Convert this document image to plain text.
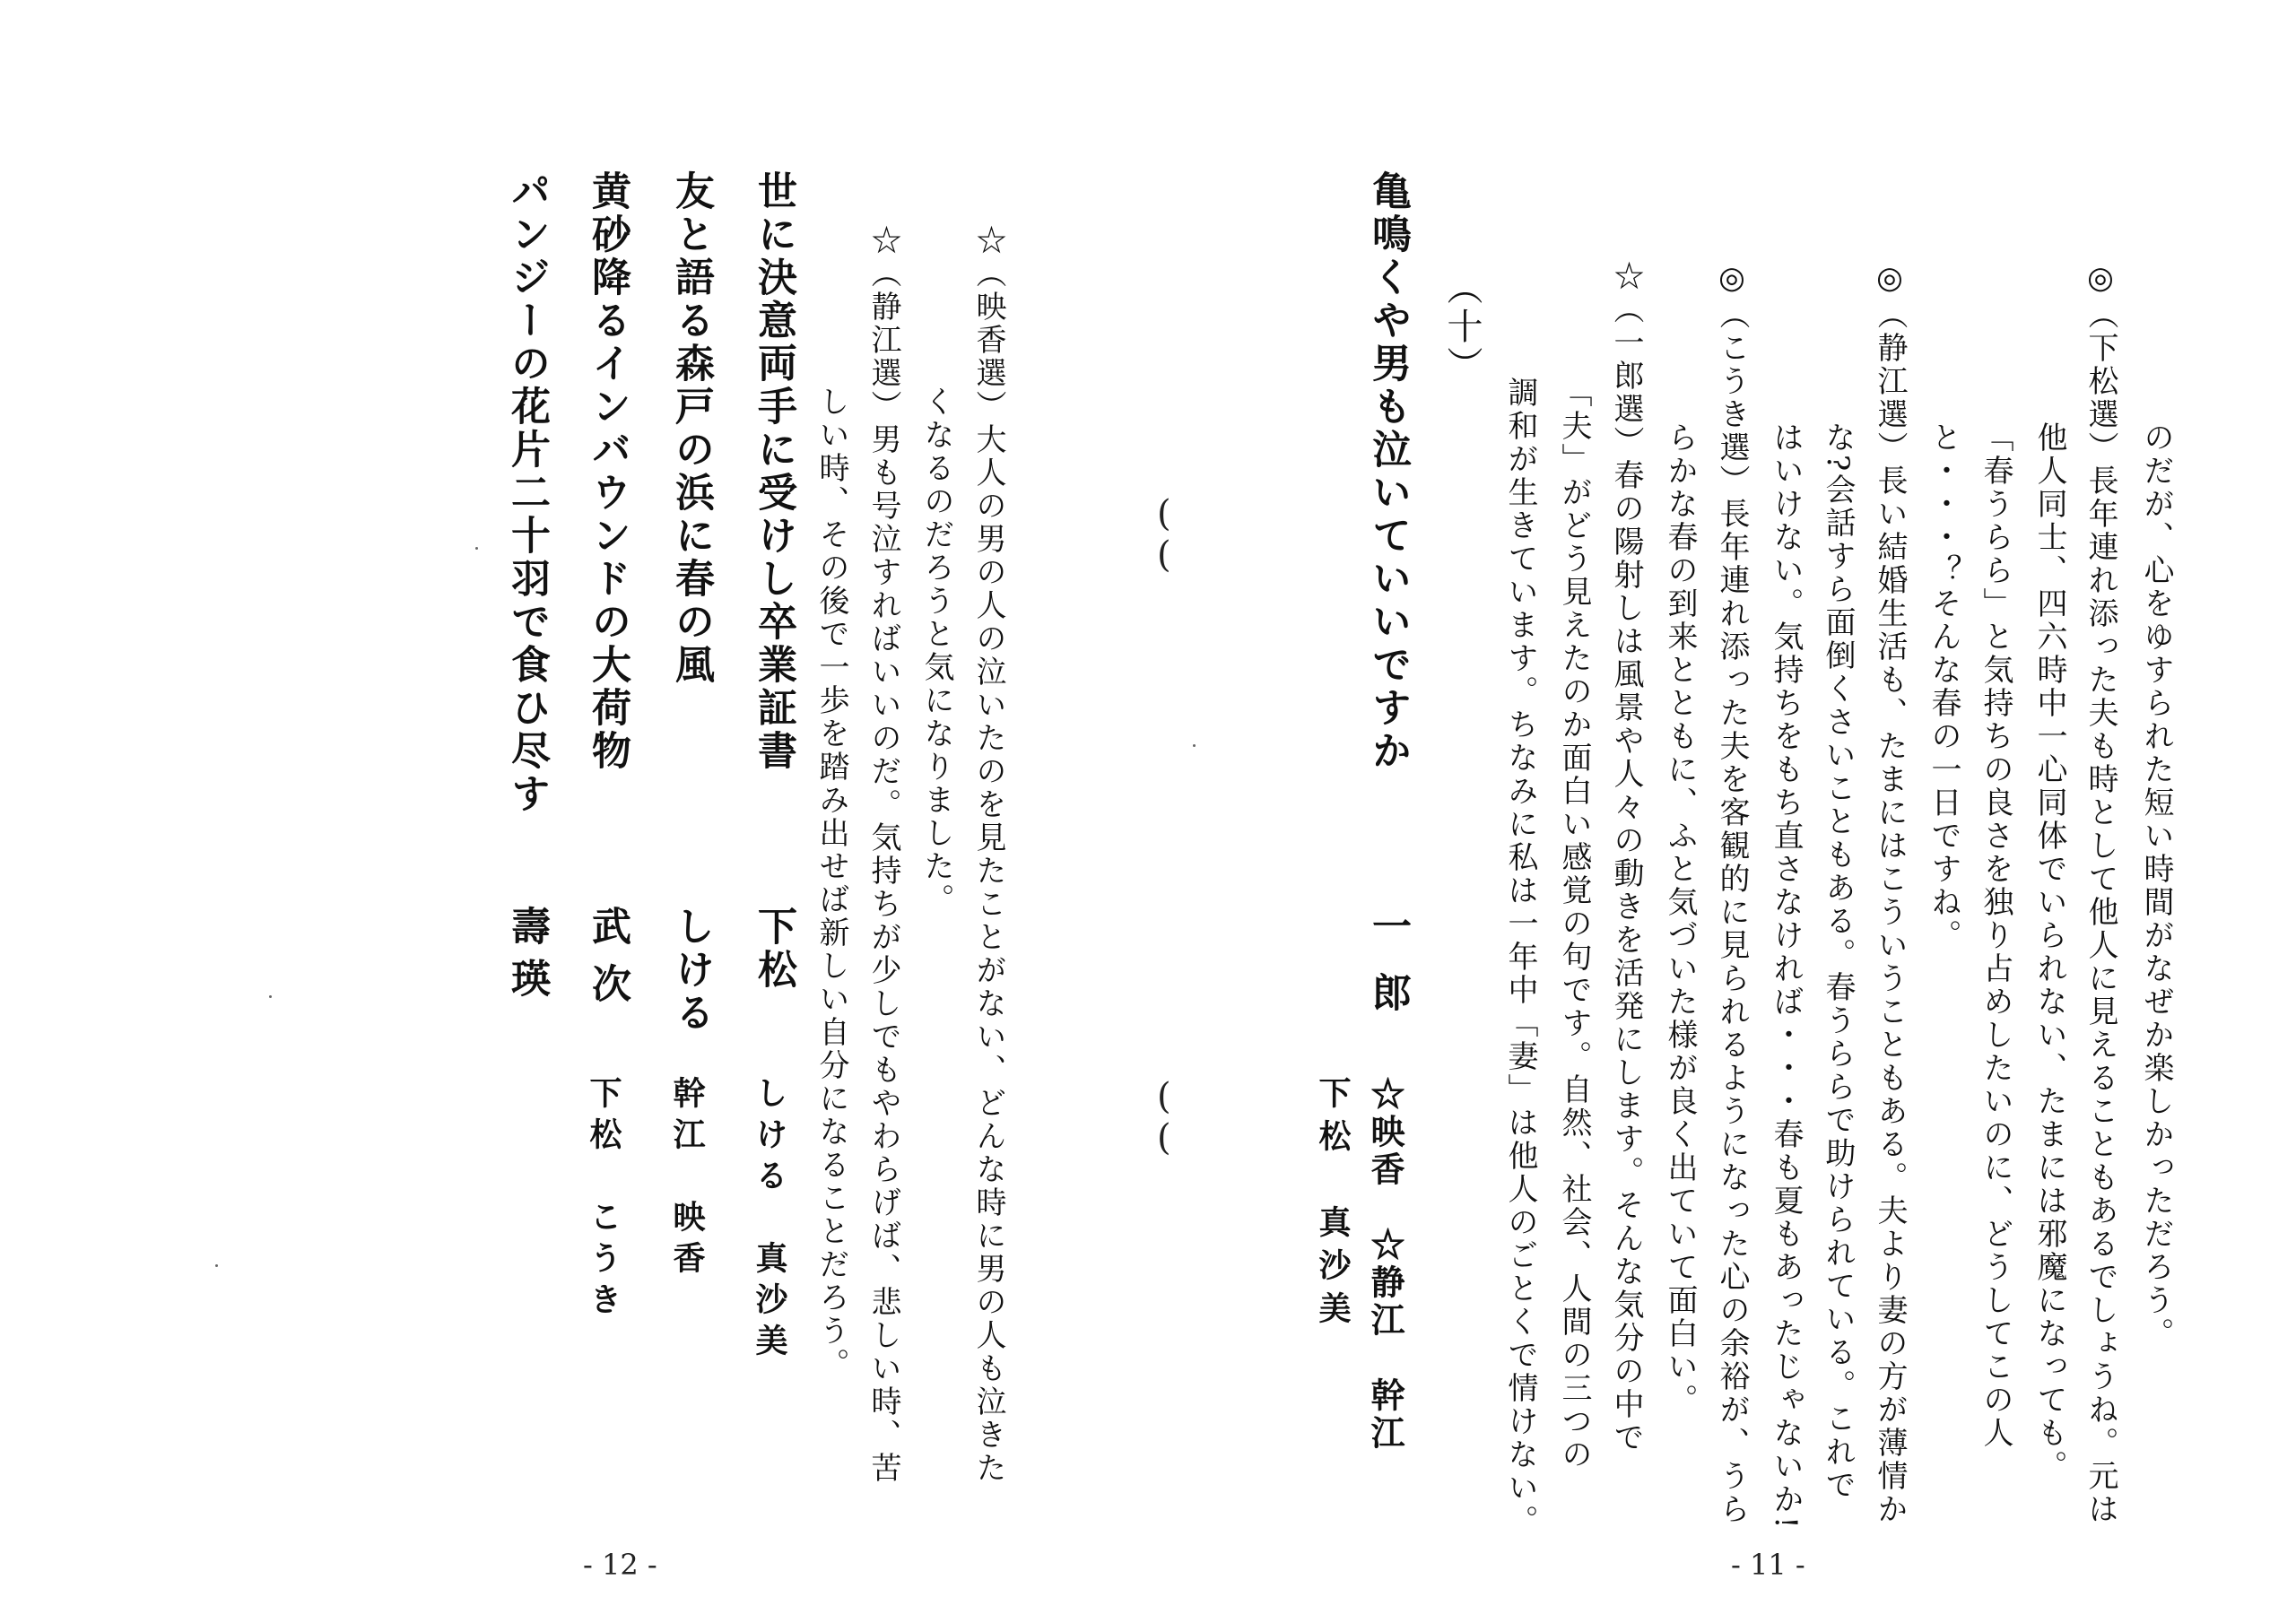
のだが、心をゆすられた短い時間がなぜか楽しかっただろう。
◎（下松選）長年連れ添った夫も時として他人に見えることもあるでしょうね。元は
他人同士、四六時中一心同体でいられない、たまには邪魔になっても。
「春うらら」と気持ちの良さを独り占めしたいのに、どうしてこの人
と・・・？そんな春の一日ですね。
◎（静江選）長い結婚生活も、たまにはこういうこともある。夫より妻の方が薄情か
な?会話すら面倒くさいこともある。春うららで助けられている。これで
はいけない。気持ちをもち直さなければ・・・春も夏もあったじゃないか!
◎（こうき選）長年連れ添った夫を客観的に見られるようになった心の余裕が、うら
らかな春の到来とともに、ふと気づいた様が良く出ていて面白い。
☆（一郎選）春の陽射しは風景や人々の動きを活発にします。そんな気分の中で
「夫」がどう見えたのか面白い感覚の句です。自然、社会、人間の三つの
調和が生きています。ちなみに私は一年中「妻」は他人のごとくで情けない。
（十）
亀鳴くや男も泣いていいですか
一郎
☆映香　☆静江　幹江
下松　真沙美
- 11 -
☆（映香選）大人の男の人の泣いたのを見たことがない、どんな時に男の人も泣きた
くなるのだろうと気になりました。
☆（静江選）男も号泣すればいいのだ。気持ちが少しでもやわらげば、悲しい時、苦
しい時、その後で一歩を踏み出せば新しい自分になることだろう。	( (
( (
世に決意両手に受けし卒業証書
下松
しける　真沙美
友と語る森戸の浜に春の風
しける
幹江　映香
黄砂降るインバウンドの大荷物
武次
下松　こうき
パンジーの花片二十羽で食ひ尽す
壽瑛
- 12 -
